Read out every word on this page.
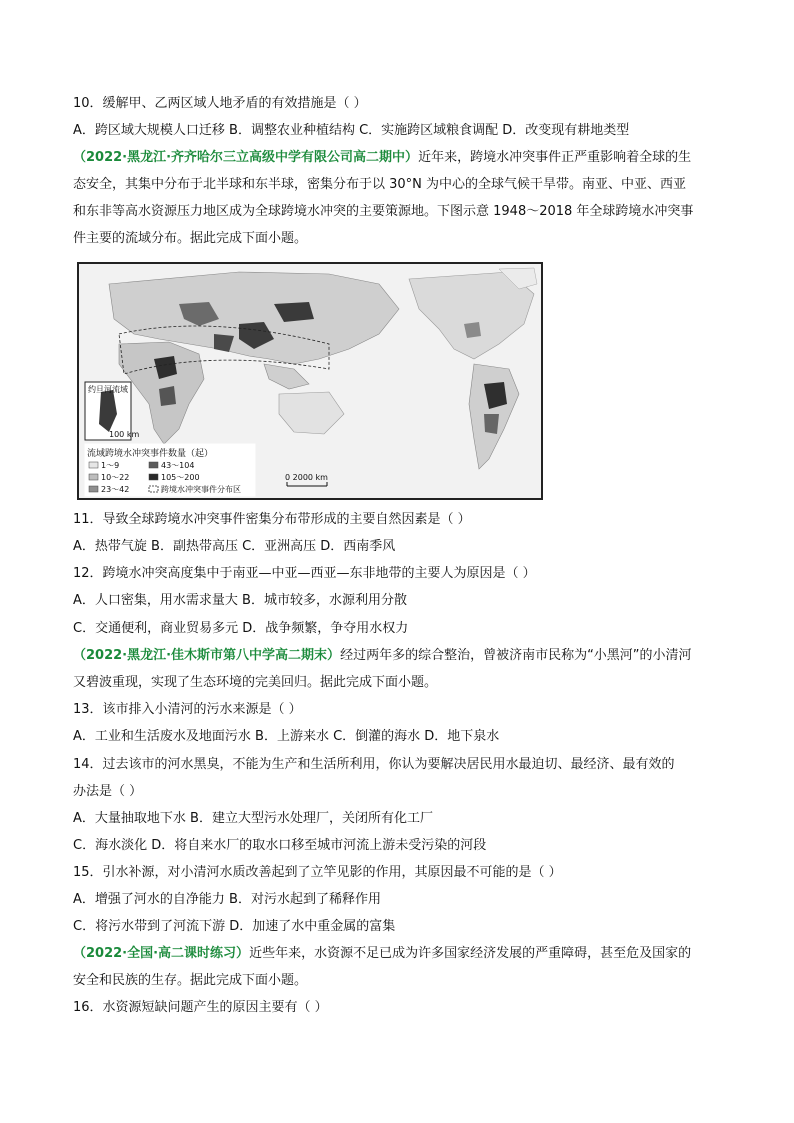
10．缓解甲、乙两区域人地矛盾的有效措施是（ ）
A．跨区域大规模人口迁移 B．调整农业种植结构 C．实施跨区域粮食调配 D．改变现有耕地类型
（2022·黑龙江·齐齐哈尔三立高级中学有限公司高二期中）近年来，跨境水冲突事件正严重影响着全球的生
态安全，其集中分布于北半球和东半球，密集分布于以 30°N 为中心的全球气候干旱带。南亚、中亚、西亚
和东非等高水资源压力地区成为全球跨境水冲突的主要策源地。下图示意 1948～2018 年全球跨境水冲突事
件主要的流域分布。据此完成下面小题。
约旦河流域
100 km
流域跨境水冲突事件数量（起）
1～9
10～22
23～42
43～104
105～200
跨境水冲突事件分布区
0 2000 km
11．导致全球跨境水冲突事件密集分布带形成的主要自然因素是（ ）
A．热带气旋 B．副热带高压 C．亚洲高压 D．西南季风
12．跨境水冲突高度集中于南亚—中亚—西亚—东非地带的主要人为原因是（ ）
A．人口密集，用水需求量大 B．城市较多，水源利用分散
C．交通便利，商业贸易多元 D．战争频繁，争夺用水权力
（2022·黑龙江·佳木斯市第八中学高二期末）经过两年多的综合整治，曾被济南市民称为“小黑河”的小清河
又碧波重现，实现了生态环境的完美回归。据此完成下面小题。
13．该市排入小清河的污水来源是（ ）
A．工业和生活废水及地面污水 B．上游来水 C．倒灌的海水 D．地下泉水
14．过去该市的河水黑臭，不能为生产和生活所利用，你认为要解决居民用水最迫切、最经济、最有效的
办法是（ ）
A．大量抽取地下水 B．建立大型污水处理厂，关闭所有化工厂
C．海水淡化 D．将自来水厂的取水口移至城市河流上游未受污染的河段
15．引水补源，对小清河水质改善起到了立竿见影的作用，其原因最不可能的是（ ）
A．增强了河水的自净能力 B．对污水起到了稀释作用
C．将污水带到了河流下游 D．加速了水中重金属的富集
（2022·全国·高二课时练习）近些年来，水资源不足已成为许多国家经济发展的严重障碍，甚至危及国家的
安全和民族的生存。据此完成下面小题。
16．水资源短缺问题产生的原因主要有（ ）
